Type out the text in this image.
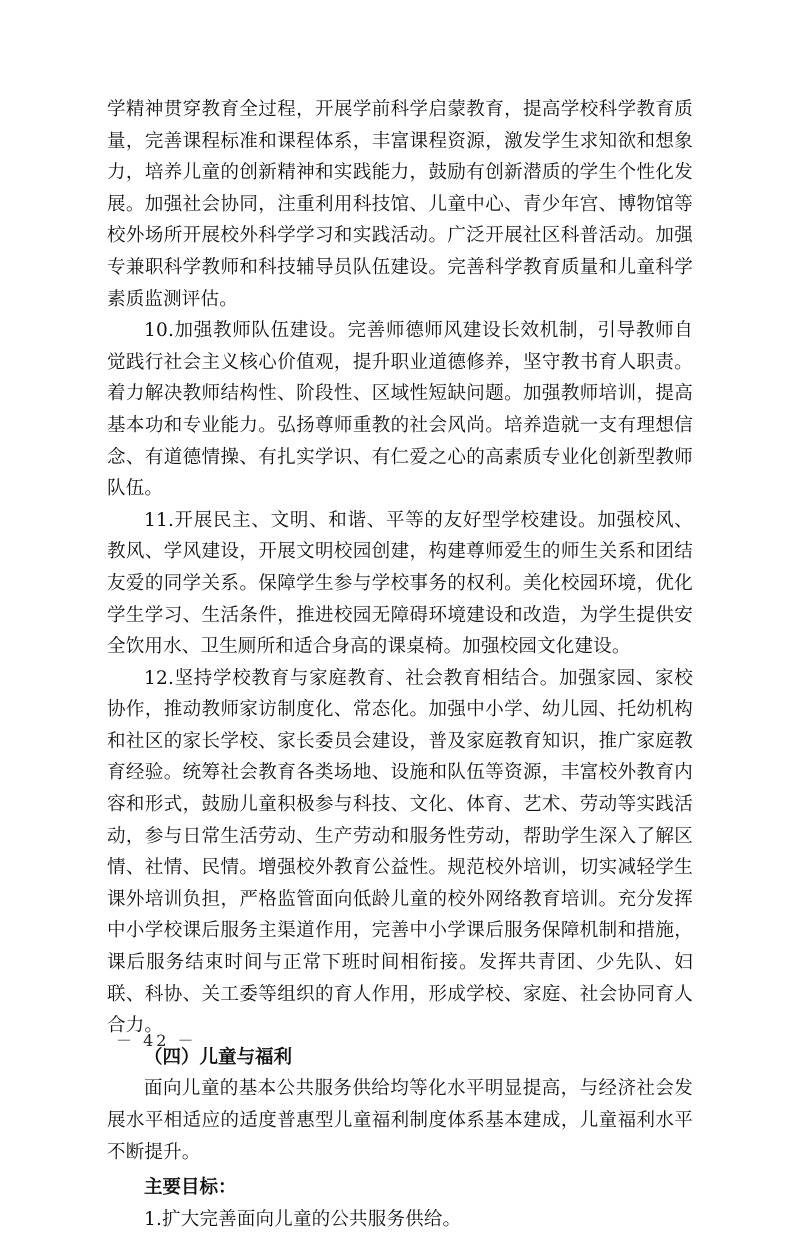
学精神贯穿教育全过程，开展学前科学启蒙教育，提高学校科学教育质量，完善课程标准和课程体系，丰富课程资源，激发学生求知欲和想象力，培养儿童的创新精神和实践能力，鼓励有创新潜质的学生个性化发展。加强社会协同，注重利用科技馆、儿童中心、青少年宫、博物馆等校外场所开展校外科学学习和实践活动。广泛开展社区科普活动。加强专兼职科学教师和科技辅导员队伍建设。完善科学教育质量和儿童科学素质监测评估。

10.加强教师队伍建设。完善师德师风建设长效机制，引导教师自觉践行社会主义核心价值观，提升职业道德修养，坚守教书育人职责。着力解决教师结构性、阶段性、区域性短缺问题。加强教师培训，提高基本功和专业能力。弘扬尊师重教的社会风尚。培养造就一支有理想信念、有道德情操、有扎实学识、有仁爱之心的高素质专业化创新型教师队伍。

11.开展民主、文明、和谐、平等的友好型学校建设。加强校风、教风、学风建设，开展文明校园创建，构建尊师爱生的师生关系和团结友爱的同学关系。保障学生参与学校事务的权利。美化校园环境，优化学生学习、生活条件，推进校园无障碍环境建设和改造，为学生提供安全饮用水、卫生厕所和适合身高的课桌椅。加强校园文化建设。

12.坚持学校教育与家庭教育、社会教育相结合。加强家园、家校协作，推动教师家访制度化、常态化。加强中小学、幼儿园、托幼机构和社区的家长学校、家长委员会建设，普及家庭教育知识，推广家庭教育经验。统筹社会教育各类场地、设施和队伍等资源，丰富校外教育内容和形式，鼓励儿童积极参与科技、文化、体育、艺术、劳动等实践活动，参与日常生活劳动、生产劳动和服务性劳动，帮助学生深入了解区情、社情、民情。增强校外教育公益性。规范校外培训，切实减轻学生课外培训负担，严格监管面向低龄儿童的校外网络教育培训。充分发挥中小学校课后服务主渠道作用，完善中小学课后服务保障机制和措施，课后服务结束时间与正常下班时间相衔接。发挥共青团、少先队、妇联、科协、关工委等组织的育人作用，形成学校、家庭、社会协同育人合力。

（四）儿童与福利

面向儿童的基本公共服务供给均等化水平明显提高，与经济社会发展水平相适应的适度普惠型儿童福利制度体系基本建成，儿童福利水平不断提升。

主要目标：

1.扩大完善面向儿童的公共服务供给。

－ 42 －
